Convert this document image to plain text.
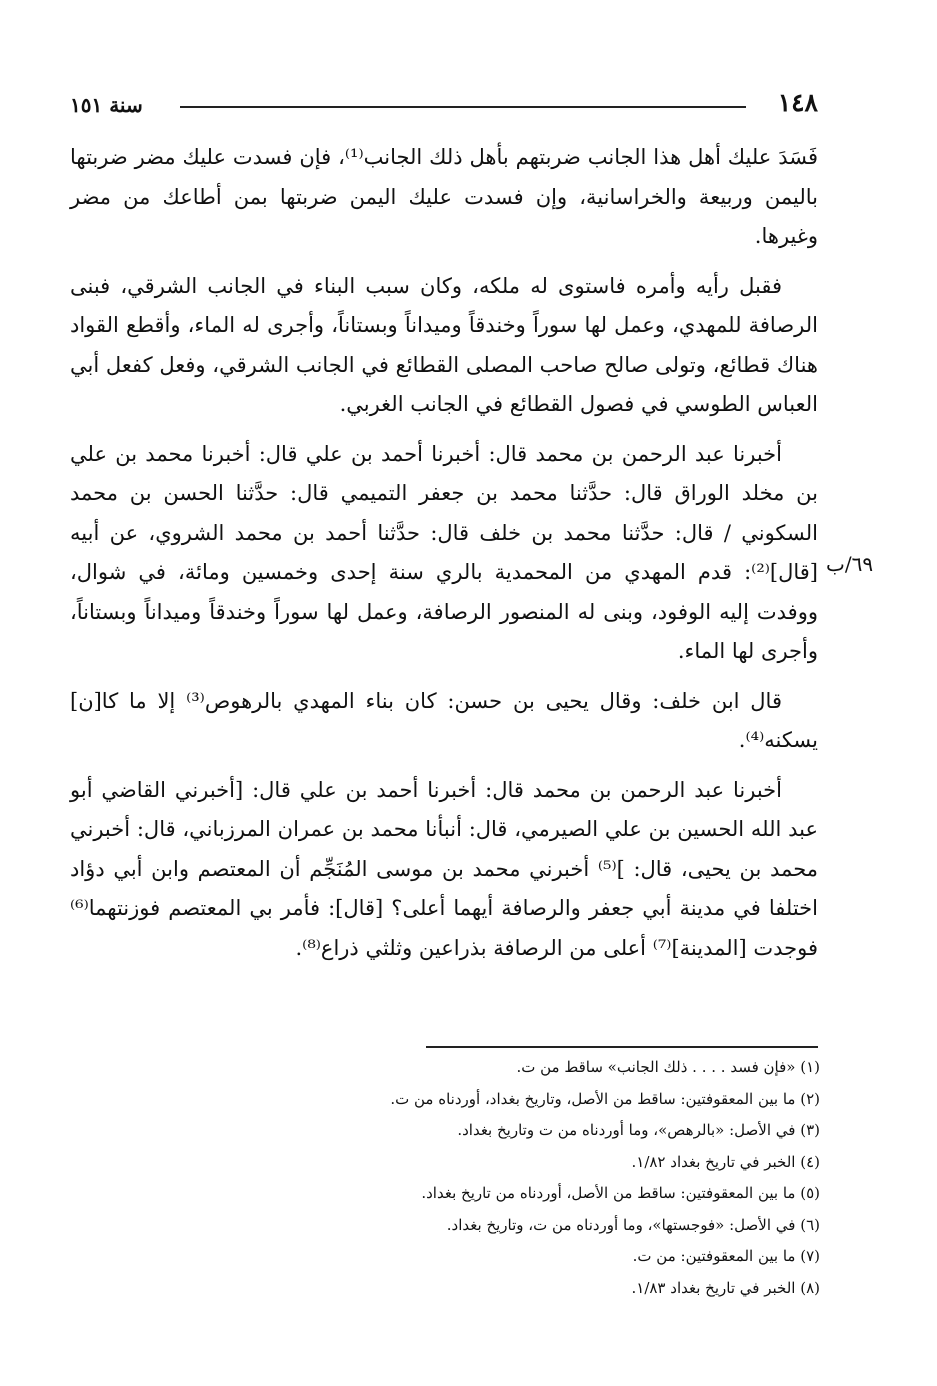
١٤٨
سنة ١٥١
٦٩/ب

فَسَدَ عليك أهل هذا الجانب ضربتهم بأهل ذلك الجانب⁽¹⁾، فإن فسدت عليك مضر ضربتها باليمن وربيعة والخراسانية، وإن فسدت عليك اليمن ضربتها بمن أطاعك من مضر وغيرها.

فقبل رأيه وأمره فاستوى له ملكه، وكان سبب البناء في الجانب الشرقي، فبنى الرصافة للمهدي، وعمل لها سوراً وخندقاً وميداناً وبستاناً، وأجرى له الماء، وأقطع القواد هناك قطائع، وتولى صالح صاحب المصلى القطائع في الجانب الشرقي، وفعل كفعل أبي العباس الطوسي في فصول القطائع في الجانب الغربي.

أخبرنا عبد الرحمن بن محمد قال: أخبرنا أحمد بن علي قال: أخبرنا محمد بن علي بن مخلد الوراق قال: حدَّثنا محمد بن جعفر التميمي قال: حدَّثنا الحسن بن محمد السكوني / قال: حدَّثنا محمد بن خلف قال: حدَّثنا أحمد بن محمد الشروي، عن أبيه [قال]⁽²⁾: قدم المهدي من المحمدية بالري سنة إحدى وخمسين ومائة، في شوال، ووفدت إليه الوفود، وبنى له المنصور الرصافة، وعمل لها سوراً وخندقاً وميداناً وبستاناً، وأجرى لها الماء.

قال ابن خلف: وقال يحيى بن حسن: كان بناء المهدي بالرهوص⁽³⁾ إلا ما كا[ن] يسكنه⁽⁴⁾.

أخبرنا عبد الرحمن بن محمد قال: أخبرنا أحمد بن علي قال: [أخبرني القاضي أبو عبد الله الحسين بن علي الصيرمي، قال: أنبأنا محمد بن عمران المرزباني، قال: أخبرني محمد بن يحيى، قال: ]⁽⁵⁾ أخبرني محمد بن موسى المُنَجِّم أن المعتصم وابن أبي دؤاد اختلفا في مدينة أبي جعفر والرصافة أيهما أعلى؟ [قال]: فأمر بي المعتصم فوزنتهما⁽⁶⁾ فوجدت [المدينة]⁽⁷⁾ أعلى من الرصافة بذراعين وثلثي ذراع⁽⁸⁾.

(١) «فإن فسد . . . . ذلك الجانب» ساقط من ت.
(٢) ما بين المعقوفتين: ساقط من الأصل، وتاريخ بغداد، أوردناه من ت.
(٣) في الأصل: «بالرهص»، وما أوردناه من ت وتاريخ بغداد.
(٤) الخبر في تاريخ بغداد ١/٨٢.
(٥) ما بين المعقوفتين: ساقط من الأصل، أوردناه من تاريخ بغداد.
(٦) في الأصل: «فوجستها»، وما أوردناه من ت، وتاريخ بغداد.
(٧) ما بين المعقوفتين: من ت.
(٨) الخبر في تاريخ بغداد ١/٨٣.
